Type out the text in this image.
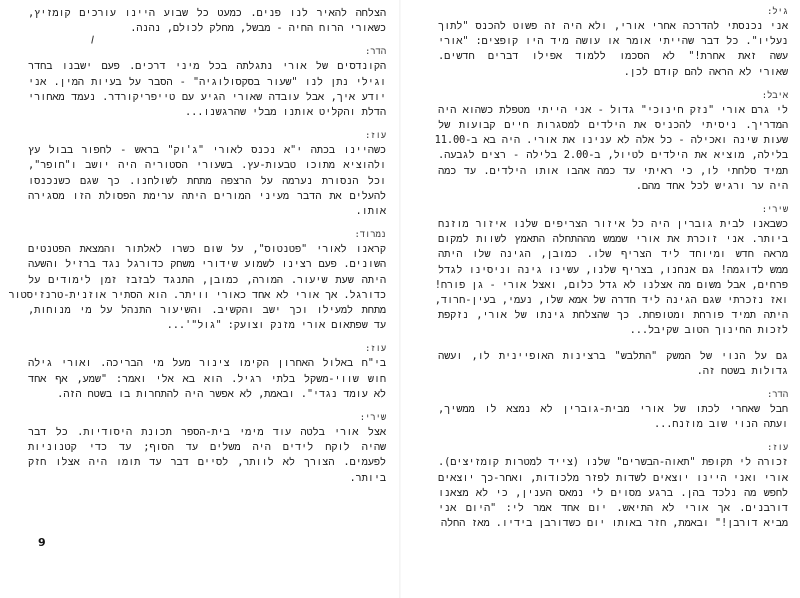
הצלחה להאיר לנו פנים. כמעט כל שבוע היינו עורכים קומזיץ,
כשאורי הרוח החיה - מבשל, מחלק לכולם, נהנה.
הדר:
הקונדסים של אורי נתגלתה בכל מיני דרכים. פעם ישבנו בחדר
וגילי נתן לנו "שעור בסקסולוגיה" - הסבר על בעיות המין. אני
יודע איך, אבל עובדה שאורי הגיע עם טייפריקורדר. נעמד מאחורי
הדלת והקליט אותנו מבלי שהרגשנו...
עוז:
כשהיינו בכתה י"א נכנס לאורי "ג'וק" בראש - לחפור בבול עץ
ולהוציא מתוכו טבעות-עץ. בשעורי הסטוריה היה יושב ו"חופר",
וכל הנסורת נערמה על הרצפה מתחת לשולחנו. כך שגם כשנכנסו
להעלים את הדבר מעיני המורים היתה ערימת הפסולת הזו מסגירה
אותו.
נמרוד:
קראנו לאורי "פטנטוס", על שום כשרו לאלתור והמצאת הפטנטים
השונים. פעם רצינו לשמוע שידורי משחק כדורגל נגד ברזיל והשעה
היתה שעת שיעור. המורה, כמובן, התנגד לבזבז זמן לימודים על
כדורגל. אך אורי לא אחד כאורי וויתר. הוא הסתיר אוזנית-טרנזיסטור
מתחת למעילו וכך ישב והקשיב. והשיעור התנהל על מי מנוחות,
עד שפתאום אורי מזנק וצועק: "גול"'...
עוז:
בי"ח באלול האחרון הקימו צינור מעל מי הבריכה. ואורי גילה
חוש שווי-משקל בלתי רגיל. הוא בא אלי ואמר: "שמע, אף אחד
לא עומד נגדי". ובאמת, לא אפשר היה להתחרות בו בשטח הזה.
שירי:
אצל אורי בלטה עוד מימי בית-הספר תכונת היסודיות. כל דבר
שהיה לוקח לידים היה משלים עד הסוף; עד כדי קטנוניות
לפעמים. הצורך לא לוותר, לסיים דבר עד תומו היה אצלו חזק
ביותר.
9
גיל:
אני נכנסתי להדרכה אחרי אורי, ולא היה זה פשוט להכנס "לתוך
נעליו". כל דבר שהייתי אומר או עושה מיד היו קופצים: "אורי
עשה זאת אחרת!" לא הסכמו ללמוד אפילו דברים חדשים.
שאורי לא הראה להם קודם לכן.
איבל:
לי גרם אורי "נזק חינוכי" גדול - אני הייתי מטפלת כשהוא היה
המדריך. ניסיתי להכניס את הילדים למסגרות חיים קבועות של
שעות שינה ואכילה - כל אלה לא ענינו את אורי. היה בא ב-11.00
בלילה, מוציא את הילדים לטיול, ב-2.00 בלילה - רצים לגבעה.
תמיד סלחתי לו, כי ראיתי עד כמה אהבו אותו הילדים. עד כמה
היה ער ורגיש לכל אחד מהם.
שירי:
כשבאנו לבית גוברין היה כל איזור הצריפים שלנו איזור מוזנח
ביותר. אני זוכרת את אורי שממש מההתחלה התאמץ לשוות למקום
מראה חדש ומיוחד ליד הצריף שלו. כמובן, הגינה שלו היתה
ממש לדוגמה! גם אנחנו, בצריף שלנו, עשינו גינה וניסינו לגדל
פרחים, אבל משום מה אצלנו לא גדל כלום, ואצל אורי - גן פורח!
ואז נזכרתי שגם הגינה ליד חדרה של אמא שלו, נעמי, בעין-חרוד,
היתה תמיד פורחת ומטופחת. כך שהצלחת גינתו של אורי, נזקפת
לזכות החינוך הטוב שקיבל...
גם על הנוי של המשק "התלבש" ברצינות האופיינית לו, ועשה
גדולות בשטח זה.
הדר:
חבל שאחרי לכתו של אורי מבית-גוברין לא נמצא לו ממשיך,
ועתה הנוי שוב מוזנח...
עוז:
זכורה לי תקופת "תאוה-הבשרים" שלנו (צייד למטרות קומזיצים).
אורי ואני היינו יוצאים לשדות לפזר מלכודות, ואחר-כך יוצאים
לחפש מה נלכד בהן. ברגע מסוים לי נמאס הענין, כי לא מצאנו
דורבנים. אך אורי לא התיאש. יום אחד אמר לי: "היום אני
מביא דורבן!" ובאמת, חזר באותו יום כשדורבן בידיו. מאז החלה
